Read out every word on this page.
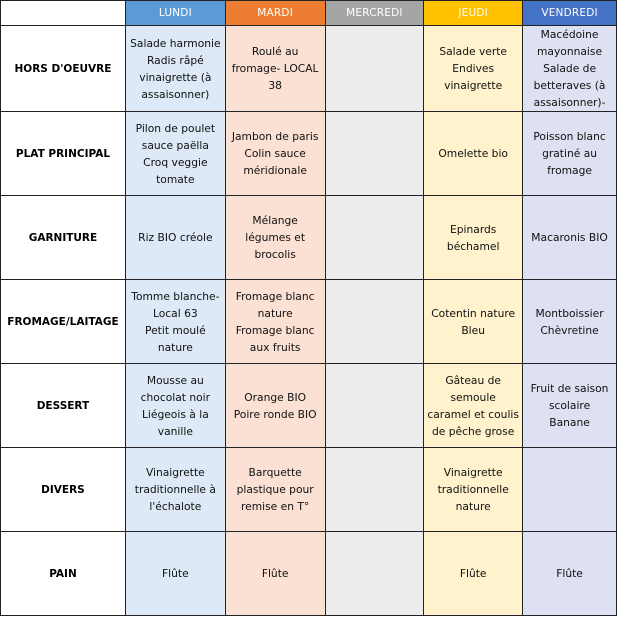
	LUNDI	MARDI	MERCREDI	JEUDI	VENDREDI
HORS D'OEUVRE	Salade harmonie
Radis râpé
vinaigrette (à
assaisonner)	Roulé au
fromage- LOCAL
38		Salade verte
Endives
vinaigrette	Macédoine
mayonnaise
Salade de
betteraves (à
assaisonner)-

PLAT PRINCIPAL	Pilon de poulet
sauce paëlla
Croq veggie
tomate	Jambon de paris
Colin sauce
méridionale		Omelette bio	Poisson blanc
gratiné au
fromage

GARNITURE	Riz BIO créole	Mélange
légumes et
brocolis		Epinards
béchamel	Macaronis BIO

FROMAGE/LAITAGE	Tomme blanche-
Local 63
Petit moulé
nature	Fromage blanc
nature
Fromage blanc
aux fruits		Cotentin nature
Bleu	Montboissier
Chèvretine

DESSERT	Mousse au
chocolat noir
Liégeois à la
vanille	Orange BIO
Poire ronde BIO		Gâteau de
semoule
caramel et coulis
de pêche grose	Fruit de saison
scolaire
Banane

DIVERS	Vinaigrette
traditionnelle à
l'échalote	Barquette
plastique pour
remise en T°		Vinaigrette
traditionnelle
nature	

PAIN	Flûte	Flûte		Flûte	Flûte
